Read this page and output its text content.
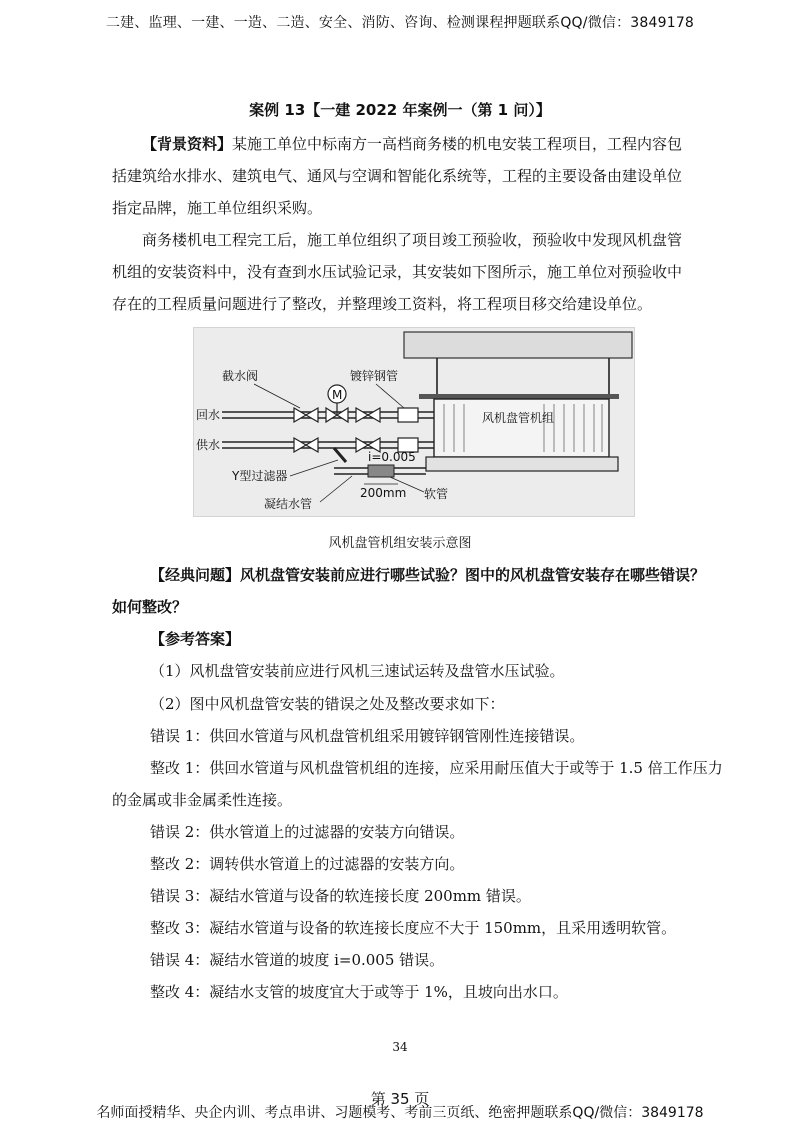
二建、监理、一建、一造、二造、安全、消防、咨询、检测课程押题联系QQ/微信：3849178
案例 13【一建 2022 年案例一（第 1 问）】

【背景资料】某施工单位中标南方一高档商务楼的机电安装工程项目，工程内容包括建筑给水排水、建筑电气、通风与空调和智能化系统等，工程的主要设备由建设单位指定品牌，施工单位组织采购。

商务楼机电工程完工后，施工单位组织了项目竣工预验收，预验收中发现风机盘管机组的安装资料中，没有查到水压试验记录，其安装如下图所示，施工单位对预验收中存在的工程质量问题进行了整改，并整理竣工资料，将工程项目移交给建设单位。

风机盘管机组
M
截水阀	镀锌钢管
回水
供水
Y型过滤器
i=0.005
200mm 软管
凝结水管
风机盘管机组安装示意图
【经典问题】风机盘管安装前应进行哪些试验？图中的风机盘管安装存在哪些错误？
如何整改？
【参考答案】
（1）风机盘管安装前应进行风机三速试运转及盘管水压试验。
（2）图中风机盘管安装的错误之处及整改要求如下：
错误 1：供回水管道与风机盘管机组采用镀锌钢管刚性连接错误。
整改 1：供回水管道与风机盘管机组的连接，应采用耐压值大于或等于 1.5 倍工作压力
的金属或非金属柔性连接。
错误 2：供水管道上的过滤器的安装方向错误。
整改 2：调转供水管道上的过滤器的安装方向。
错误 3：凝结水管道与设备的软连接长度 200mm 错误。
整改 3：凝结水管道与设备的软连接长度应不大于 150mm，且采用透明软管。
错误 4：凝结水管道的坡度 i=0.005 错误。
整改 4：凝结水支管的坡度宜大于或等于 1%，且坡向出水口。
34
第 35 页
名师面授精华、央企内训、考点串讲、习题模考、考前三页纸、绝密押题联系QQ/微信：3849178
